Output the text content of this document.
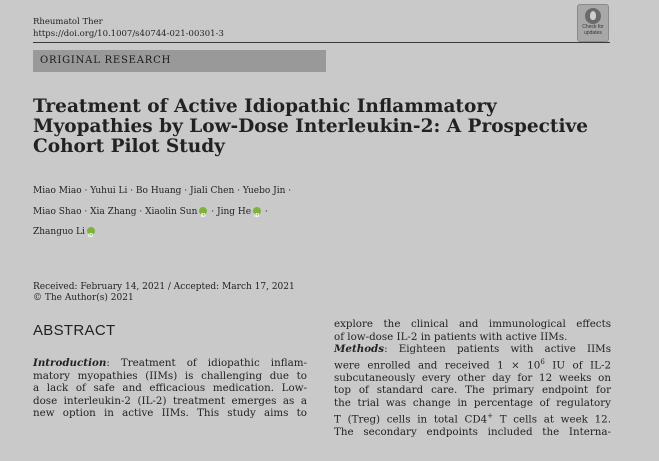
Rheumatol Ther
https://doi.org/10.1007/s40744-021-00301-3
Check for
updates
ORIGINAL RESEARCH
Treatment of Active Idiopathic Inflammatory
Myopathies by Low-Dose Interleukin-2: A Prospective
Cohort Pilot Study
Miao Miao · Yuhui Li · Bo Huang · Jiali Chen · Yuebo Jin ·
Miao Shao · Xia Zhang · Xiaolin SuniD · Jing HeiD ·
Zhanguo LiiD
Received: February 14, 2021 / Accepted: March 17, 2021
© The Author(s) 2021
ABSTRACT
Introduction: Treatment of idiopathic inflam-
matory myopathies (IIMs) is challenging due to
a lack of safe and efficacious medication. Low-
dose interleukin-2 (IL-2) treatment emerges as a
new option in active IIMs. This study aims to
explore the clinical and immunological effects
of low-dose IL-2 in patients with active IIMs.
Methods: Eighteen patients with active IIMs
were enrolled and received $1 \times 10^6$ IU of IL-2
subcutaneously every other day for 12 weeks on
top of standard care. The primary endpoint for
the trial was change in percentage of regulatory
T (Treg) cells in total CD4+ T cells at week 12.
The secondary endpoints included the Interna-
